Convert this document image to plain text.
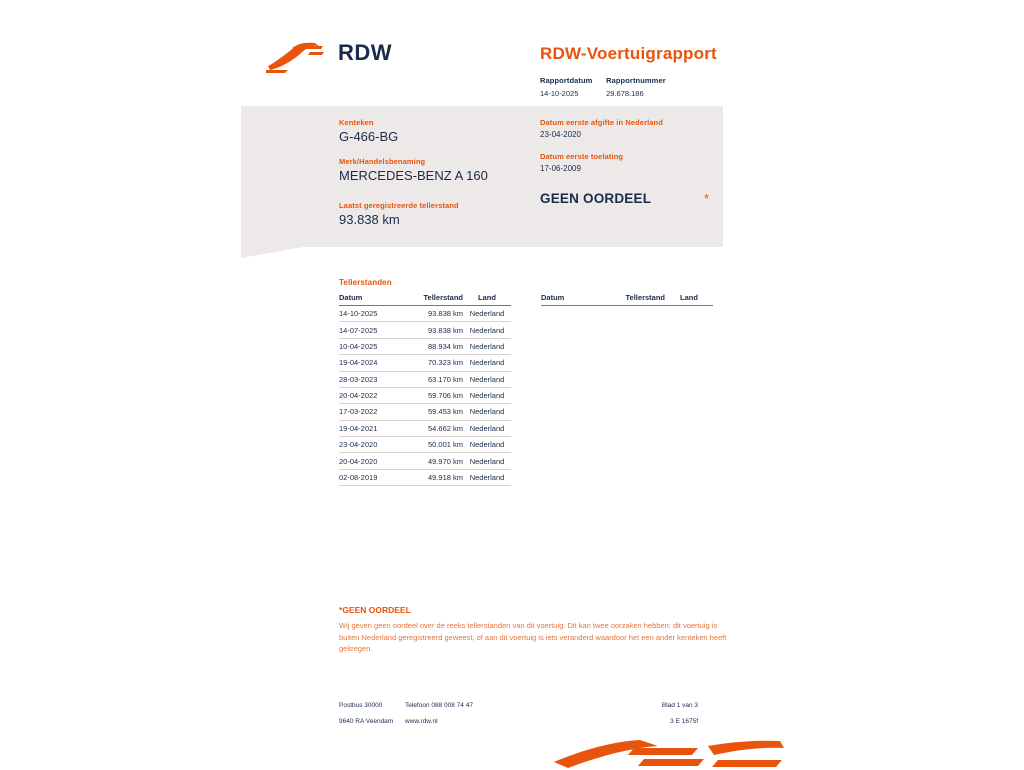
RDW	RDW-Voertuigrapport
Rapportdatum
14-10-2025

Rapportnummer
29.678.186
Kenteken
G-466-BG
Merk/Handelsbenaming
MERCEDES-BENZ A 160
Laatst geregistreerde tellerstand
93.838 km
Datum eerste afgifte in Nederland
23-04-2020
Datum eerste toelating
17-06-2009
GEEN OORDEEL	*
Tellerstanden
Datum	Tellerstand	Land
14-10-2025	93.838 km	Nederland
14-07-2025	93.838 km	Nederland
10-04-2025	88.934 km	Nederland
19-04-2024	70.323 km	Nederland
28-03-2023	63.170 km	Nederland
20-04-2022	59.706 km	Nederland
17-03-2022	59.453 km	Nederland
19-04-2021	54.662 km	Nederland
23-04-2020	50.001 km	Nederland
20-04-2020	49.970 km	Nederland
02-08-2019	49.918 km	Nederland
Datum	Tellerstand	Land
*GEEN OORDEEL

Wij geven geen oordeel over de reeks tellerstanden van dit voertuig. Dit kan twee oorzaken hebben: dit voertuig is buiten Nederland geregistreerd geweest, of aan dit voertuig is iets veranderd waardoor het een ander kenteken heeft gekregen.

Postbus 30000
9640 RA Veendam
Telefoon 088 008 74 47
www.rdw.nl
Blad 1 van 3
3 E 1675f
